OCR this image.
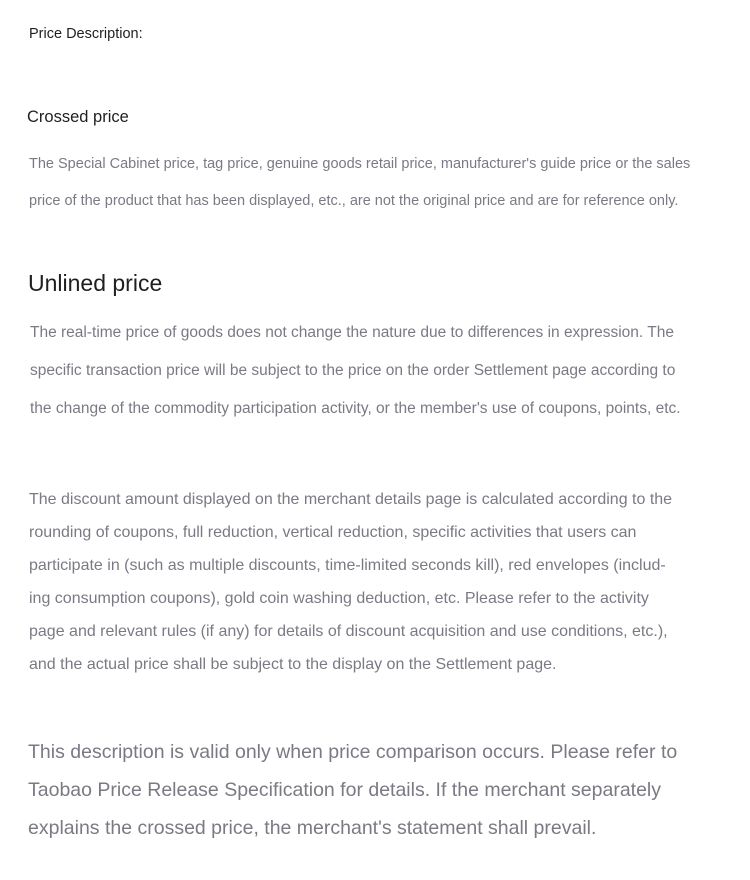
Price Description:
Crossed price

The Special Cabinet price, tag price, genuine goods retail price, manufacturer's guide price or the sales
price of the product that has been displayed, etc., are not the original price and are for reference only.

Unlined price

The real-time price of goods does not change the nature due to differences in expression. The
specific transaction price will be subject to the price on the order Settlement page according to
the change of the commodity participation activity, or the member's use of coupons, points, etc.

The discount amount displayed on the merchant details page is calculated according to the
rounding of coupons, full reduction, vertical reduction, specific activities that users can
participate in (such as multiple discounts, time-limited seconds kill), red envelopes (includ-
ing consumption coupons), gold coin washing deduction, etc. Please refer to the activity
page and relevant rules (if any) for details of discount acquisition and use conditions, etc.),
and the actual price shall be subject to the display on the Settlement page.

This description is valid only when price comparison occurs. Please refer to
Taobao Price Release Specification for details. If the merchant separately
explains the crossed price, the merchant's statement shall prevail.
